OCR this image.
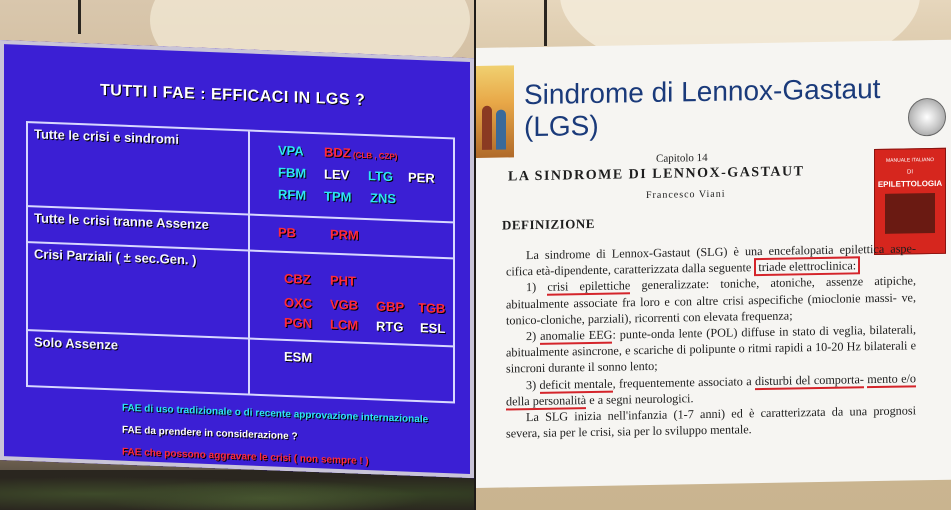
TUTTI I FAE : EFFICACI IN LGS ?
Tutte le crisi e sindromi
VPA BDZ (CLB , CZP)
FBM LEV LTG PER
RFM TPM ZNS
Tutte le crisi tranne Assenze
PB	PRM
Crisi Parziali ( ± sec.Gen. )
CBZ PHT
OXC VGB GBP TGB
PGN LCM RTG ESL
Solo Assenze
ESM
FAE di uso tradizionale o di recente approvazione internazionale
FAE da prendere in considerazione ?
FAE che possono aggravare le crisi ( non sempre ! )
Sindrome di Lennox-Gastaut (LGS)
MANUALE ITALIANO
DI
EPILETTOLOGIA
Capitolo 14
LA SINDROME DI LENNOX-GASTAUT
Francesco Viani
DEFINIZIONE

La sindrome di Lennox-Gastaut (SLG) è una encefalopatia epilettica aspe- cifica età-dipendente, caratterizzata dalla seguente triade elettroclinica:

1) crisi epilettiche generalizzate: toniche, atoniche, assenze atipiche, abitualmente associate fra loro e con altre crisi aspecifiche (mioclonie massi- ve, tonico-cloniche, parziali), ricorrenti con elevata frequenza;

2) anomalie EEG: punte-onda lente (POL) diffuse in stato di veglia, bilaterali, abitualmente asincrone, e scariche di polipunte o ritmi rapidi a 10-20 Hz bilaterali e sincroni durante il sonno lento;

3) deficit mentale, frequentemente associato a disturbi del comporta- mento e/o della personalità e a segni neurologici.

La SLG inizia nell'infanzia (1-7 anni) ed è caratterizzata da una prognosi severa, sia per le crisi, sia per lo sviluppo mentale.
